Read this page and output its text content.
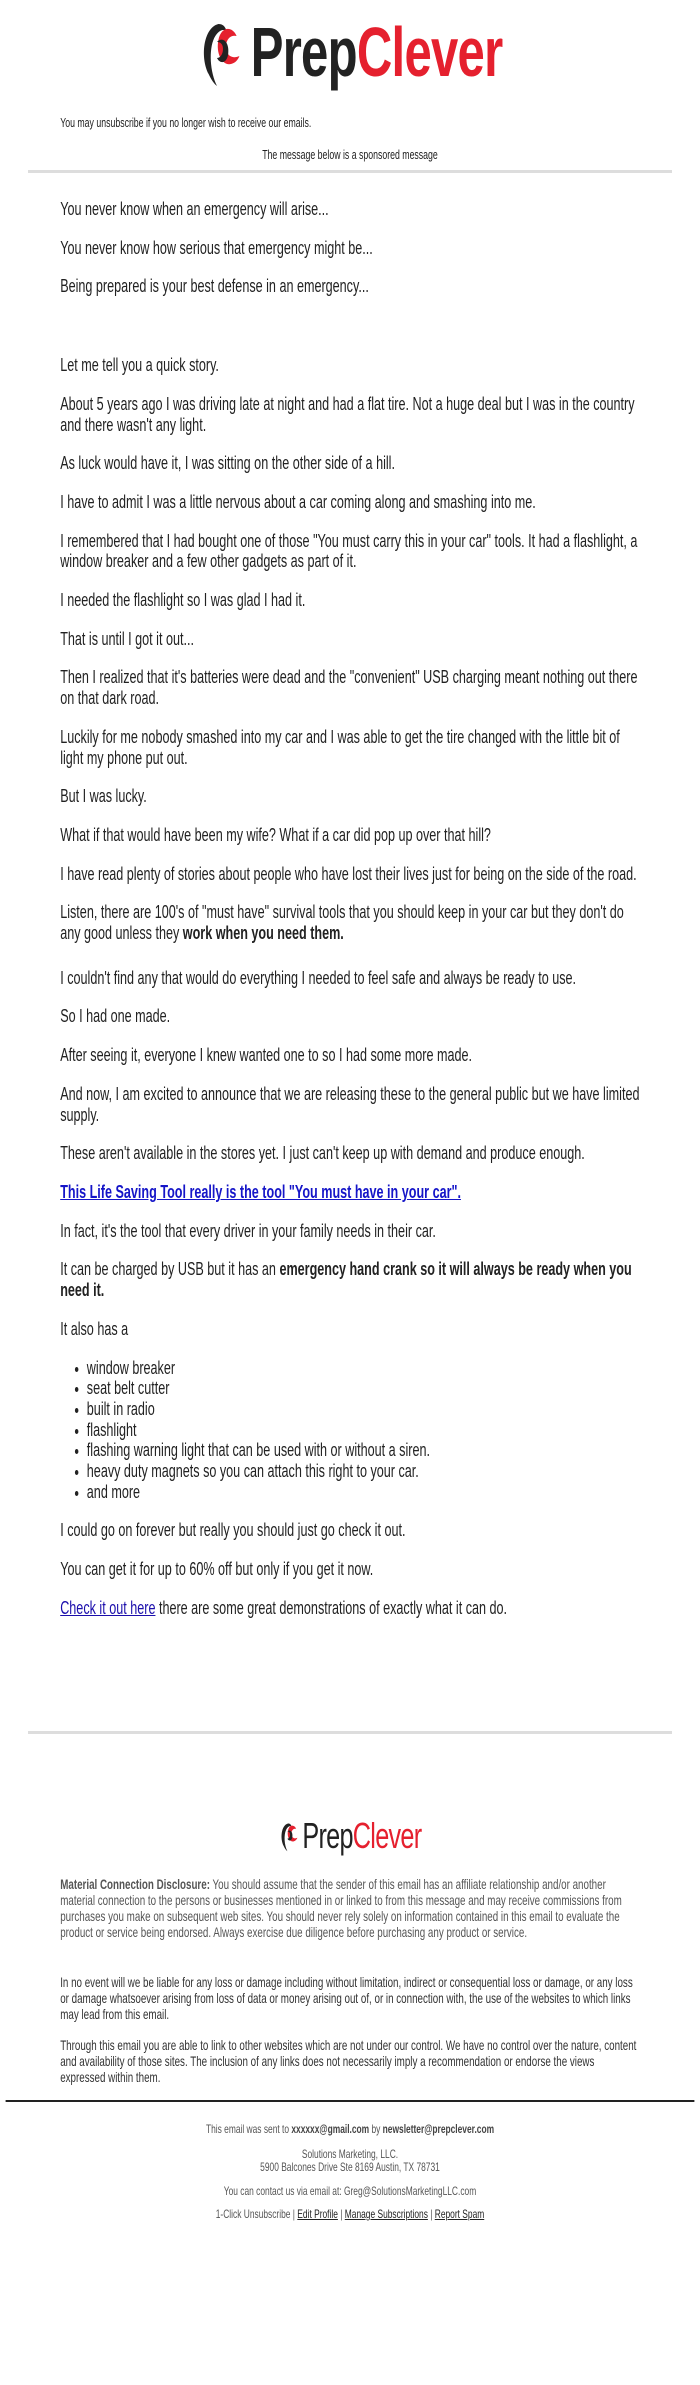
PrepClever
You may unsubscribe if you no longer wish to receive our emails.
The message below is a sponsored message

You never know when an emergency will arise...

You never know how serious that emergency might be...

Being prepared is your best defense in an emergency...

Let me tell you a quick story.

About 5 years ago I was driving late at night and had a flat tire. Not a huge deal but I was in the country and there wasn't any light.

As luck would have it, I was sitting on the other side of a hill.

I have to admit I was a little nervous about a car coming along and smashing into me.

I remembered that I had bought one of those "You must carry this in your car" tools. It had a flashlight, a window breaker and a few other gadgets as part of it.

I needed the flashlight so I was glad I had it.

That is until I got it out...

Then I realized that it's batteries were dead and the "convenient" USB charging meant nothing out there on that dark road.

Luckily for me nobody smashed into my car and I was able to get the tire changed with the little bit of light my phone put out.

But I was lucky.

What if that would have been my wife? What if a car did pop up over that hill?

I have read plenty of stories about people who have lost their lives just for being on the side of the road.

Listen, there are 100's of "must have" survival tools that you should keep in your car but they don't do any good unless they work when you need them.

I couldn't find any that would do everything I needed to feel safe and always be ready to use.

So I had one made.

After seeing it, everyone I knew wanted one to so I had some more made.

And now, I am excited to announce that we are releasing these to the general public but we have limited supply.

These aren't available in the stores yet. I just can't keep up with demand and produce enough.

This Life Saving Tool really is the tool "You must have in your car".

In fact, it's the tool that every driver in your family needs in their car.

It can be charged by USB but it has an emergency hand crank so it will always be ready when you need it.

It also has a

• window breaker
• seat belt cutter
• built in radio
• flashlight
• flashing warning light that can be used with or without a siren.
• heavy duty magnets so you can attach this right to your car.
• and more

I could go on forever but really you should just go check it out.

You can get it for up to 60% off but only if you get it now.

Check it out here there are some great demonstrations of exactly what it can do.

PrepClever

Material Connection Disclosure: You should assume that the sender of this email has an affiliate relationship and/or another material connection to the persons or businesses mentioned in or linked to from this message and may receive commissions from purchases you make on subsequent web sites. You should never rely solely on information contained in this email to evaluate the product or service being endorsed. Always exercise due diligence before purchasing any product or service.

In no event will we be liable for any loss or damage including without limitation, indirect or consequential loss or damage, or any loss or damage whatsoever arising from loss of data or money arising out of, or in connection with, the use of the websites to which links may lead from this email.

Through this email you are able to link to other websites which are not under our control. We have no control over the nature, content and availability of those sites. The inclusion of any links does not necessarily imply a recommendation or endorse the views expressed within them.

This email was sent to xxxxxx@gmail.com by newsletter@prepclever.com

Solutions Marketing, LLC.

5900 Balcones Drive Ste 8169 Austin, TX 78731

You can contact us via email at: Greg@SolutionsMarketingLLC.com

1-Click Unsubscribe | Edit Profile | Manage Subscriptions | Report Spam
